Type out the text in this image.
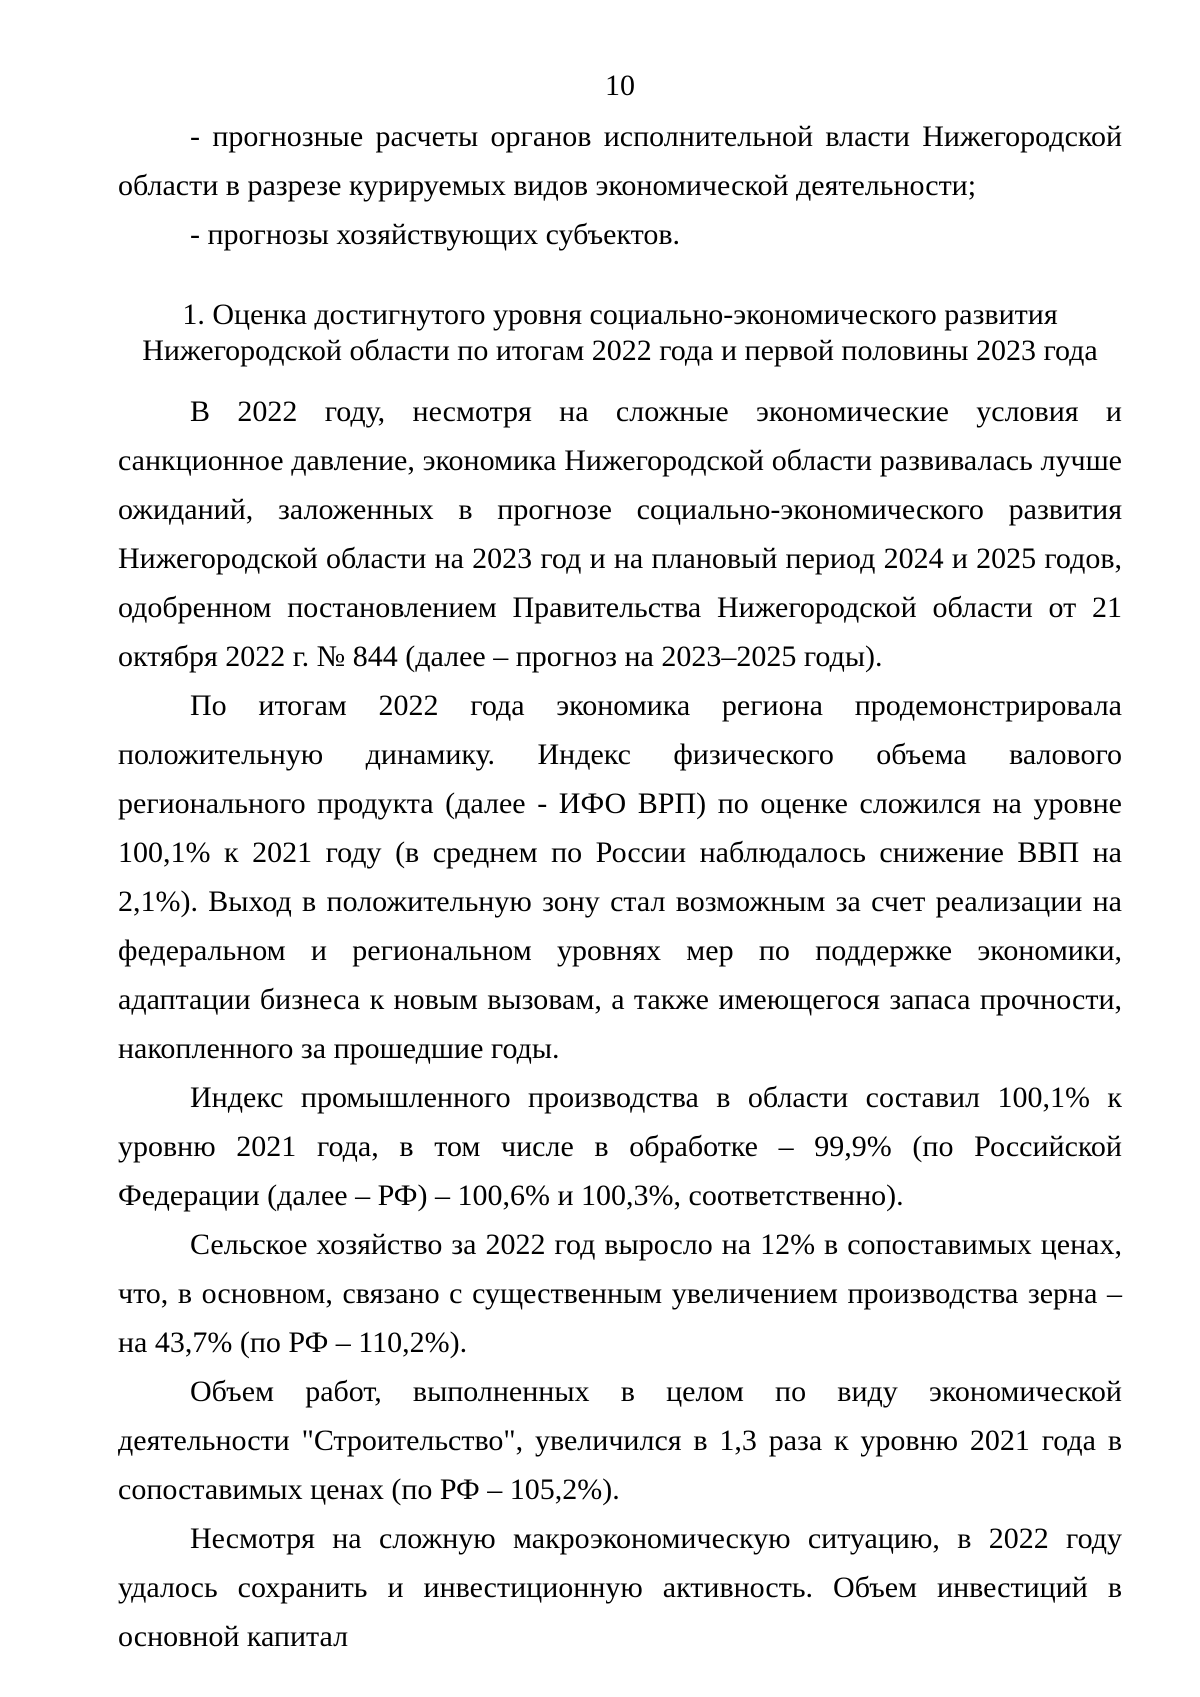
10

- прогнозные расчеты органов исполнительной власти Нижегородской области в разрезе курируемых видов экономической деятельности;

- прогнозы хозяйствующих субъектов.

1. Оценка достигнутого уровня социально-экономического развития
Нижегородской области по итогам 2022 года и первой половины 2023 года

В 2022 году, несмотря на сложные экономические условия и санкционное давление, экономика Нижегородской области развивалась лучше ожиданий, заложенных в прогнозе социально-экономического развития Нижегородской области на 2023 год и на плановый период 2024 и 2025 годов, одобренном постановлением Правительства Нижегородской области от 21 октября 2022 г. № 844 (далее – прогноз на 2023–2025 годы).

По итогам 2022 года экономика региона продемонстрировала положительную динамику. Индекс физического объема валового регионального продукта (далее - ИФО ВРП) по оценке сложился на уровне 100,1% к 2021 году (в среднем по России наблюдалось снижение ВВП на 2,1%). Выход в положительную зону стал возможным за счет реализации на федеральном и региональном уровнях мер по поддержке экономики, адаптации бизнеса к новым вызовам, а также имеющегося запаса прочности, накопленного за прошедшие годы.

Индекс промышленного производства в области составил 100,1% к уровню 2021 года, в том числе в обработке – 99,9% (по Российской Федерации (далее – РФ) – 100,6% и 100,3%, соответственно).

Сельское хозяйство за 2022 год выросло на 12% в сопоставимых ценах, что, в основном, связано с существенным увеличением производства зерна – на 43,7% (по РФ – 110,2%).

Объем работ, выполненных в целом по виду экономической деятельности "Строительство", увеличился в 1,3 раза к уровню 2021 года в сопоставимых ценах (по РФ – 105,2%).

Несмотря на сложную макроэкономическую ситуацию, в 2022 году удалось сохранить и инвестиционную активность. Объем инвестиций в основной капитал
